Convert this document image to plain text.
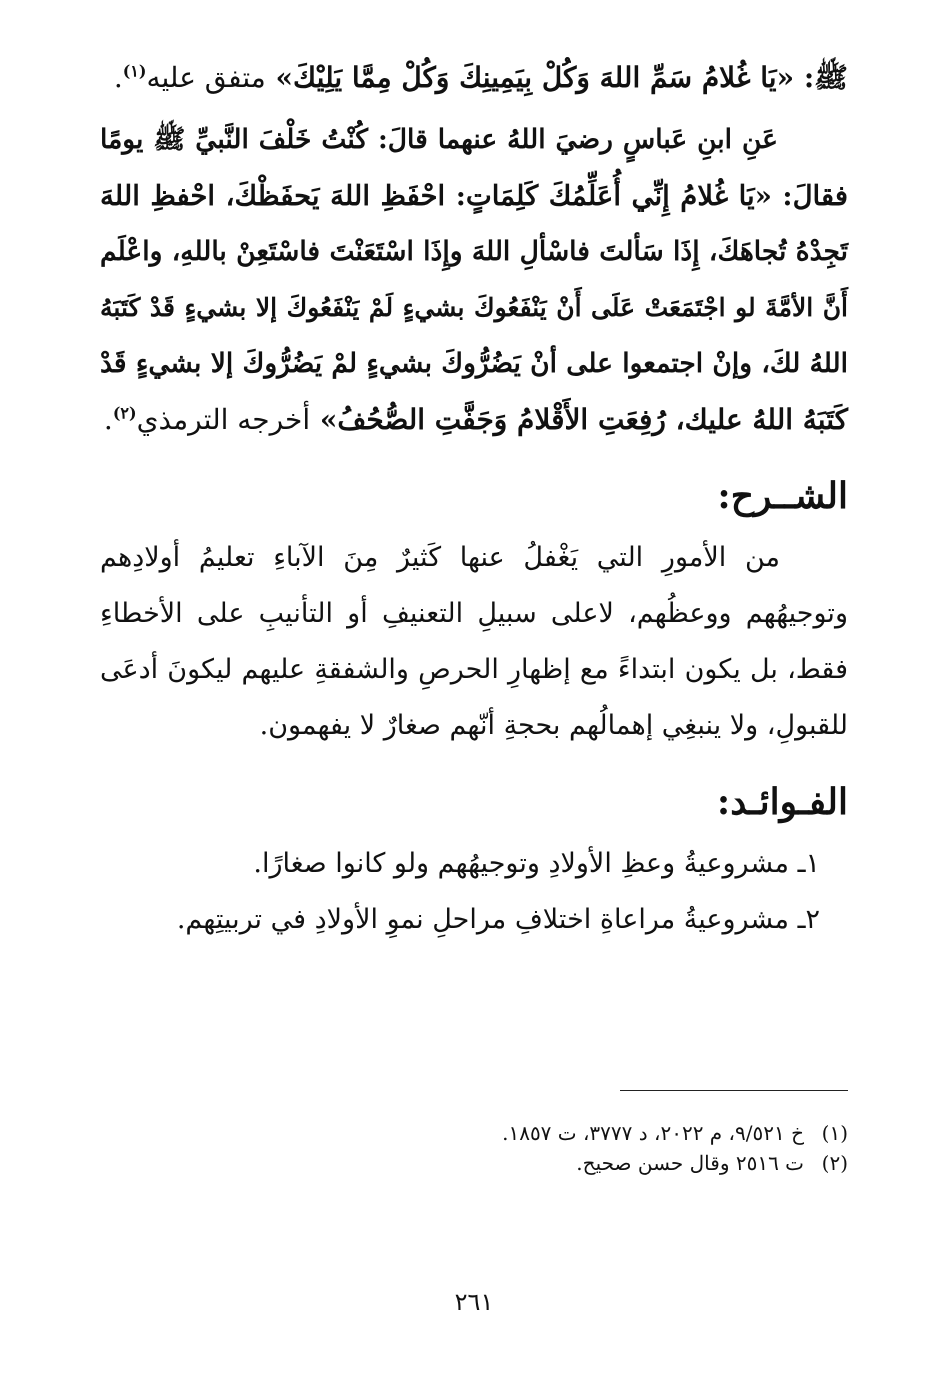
ﷺ: «يَا غُلامُ سَمِّ اللهَ وَكُلْ بِيَمِينِكَ وَكُلْ مِمَّا يَلِيْكَ» متفق عليه$^{(١)}$.

عَنِ ابنِ عَباسٍ رضيَ اللهُ عنهما قالَ: كُنْتُ خَلْفَ النَّبيِّ ﷺ يومًا

فقالَ: «يَا غُلامُ إِنِّي أُعَلِّمُكَ كَلِمَاتٍ: احْفَظِ اللهَ يَحفَظْكَ، احْفظِ اللهَ

تَجِدْهُ تُجاهَكَ، إِذَا سَألتَ فاسْألِ اللهَ وإِذَا اسْتَعَنْتَ فاسْتَعِنْ باللهِ، واعْلَم

أَنَّ الأمَّةَ لو اجْتَمَعَتْ عَلَى أَنْ يَنْفَعُوكَ بشيءٍ لَمْ يَنْفَعُوكَ إلا بشيءٍ قَدْ كَتَبَهُ

اللهُ لكَ، وإنْ اجتمعوا على أنْ يَضُرُّوكَ بشيءٍ لمْ يَضُرُّوكَ إلا بشيءٍ قَدْ

كَتَبَهُ اللهُ عليك، رُفِعَتِ الأَقْلامُ وَجَفَّتِ الصُّحُفُ» أخرجه الترمذي$^{(٢)}$.

الشــرح:

من الأمورِ التي يَغْفلُ عنها كَثيرٌ مِنَ الآباءِ تعليمُ أولادِهم

وتوجيهُهم ووعظُهم، لاعلى سبيلِ التعنيفِ أو التأنيبِ على الأخطاءِ

فقط، بل يكون ابتداءً مع إظهارِ الحرصِ والشفقةِ عليهم ليكونَ أدعَى

للقبولِ، ولا ينبغِي إهمالُهم بحجةِ أنّهم صغارٌ لا يفهمون.

الفـوائـد:

١ـ مشروعيةُ وعظِ الأولادِ وتوجيهُهم ولو كانوا صغارًا.

٢ـ مشروعيةُ مراعاةِ اختلافِ مراحلِ نموِ الأولادِ في تربيتِهم.

(١)خ ٩/٥٢١، م ٢٠٢٢، د ٣٧٧٧، ت ١٨٥٧.
(٢)ت ٢٥١٦ وقال حسن صحيح.
٢٦١
